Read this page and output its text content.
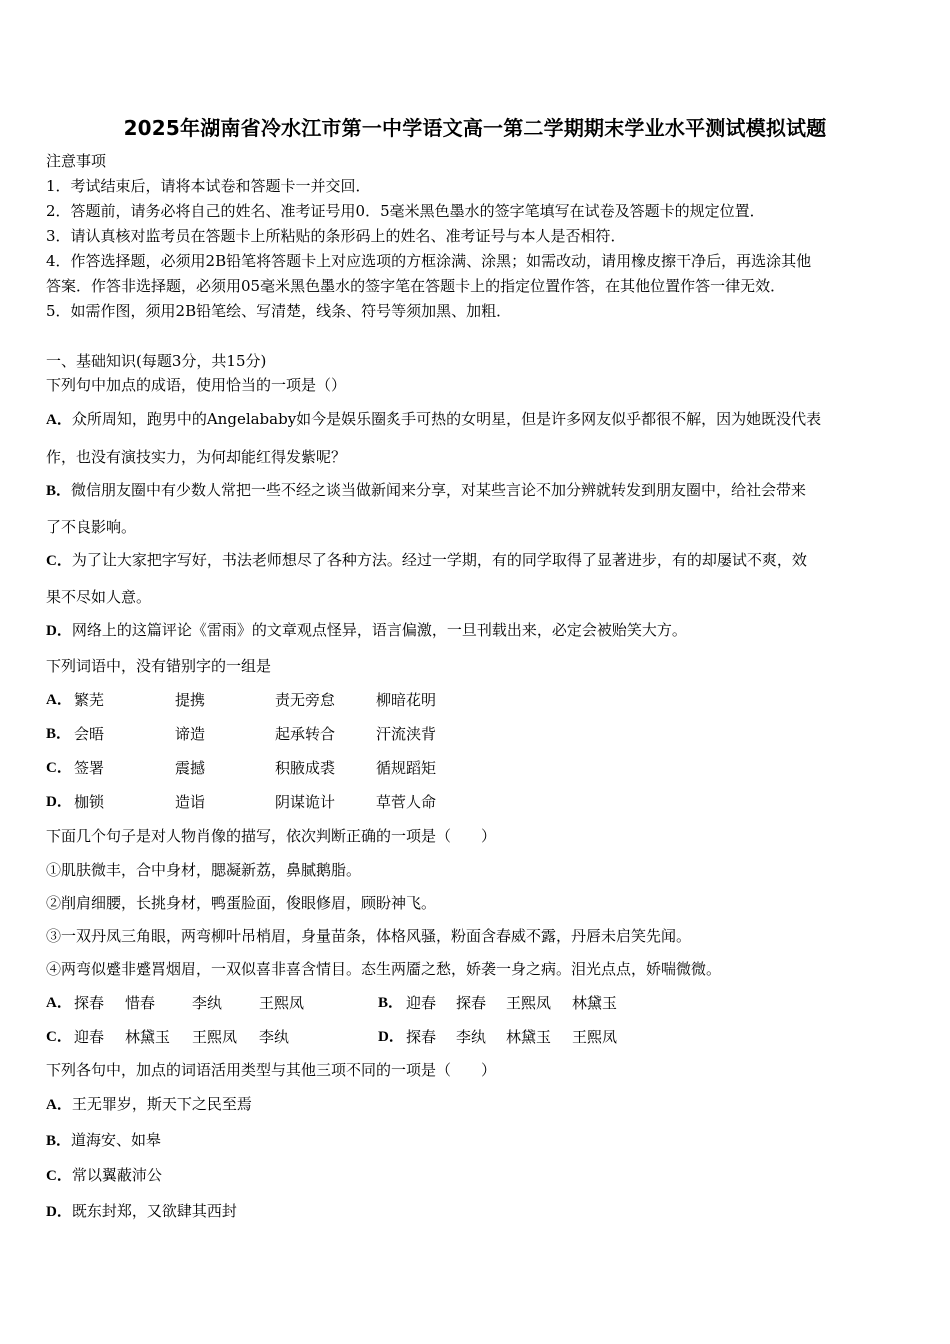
2025年湖南省冷水江市第一中学语文高一第二学期期末学业水平测试模拟试题
注意事项
1．考试结束后，请将本试卷和答题卡一并交回．
2．答题前，请务必将自己的姓名、准考证号用0．5毫米黑色墨水的签字笔填写在试卷及答题卡的规定位置．
3．请认真核对监考员在答题卡上所粘贴的条形码上的姓名、准考证号与本人是否相符．
4．作答选择题，必须用2B铅笔将答题卡上对应选项的方框涂满、涂黑；如需改动，请用橡皮擦干净后，再选涂其他
答案．作答非选择题，必须用05毫米黑色墨水的签字笔在答题卡上的指定位置作答，在其他位置作答一律无效．
5．如需作图，须用2B铅笔绘、写清楚，线条、符号等须加黑、加粗．
一、基础知识(每题3分，共15分)
下列句中加点的成语，使用恰当的一项是（）
A．众所周知，跑男中的Angelababy如今是娱乐圈炙手可热的女明星，但是许多网友似乎都很不解，因为她既没代表
作，也没有演技实力，为何却能红得发紫呢？
B．微信朋友圈中有少数人常把一些不经之谈当做新闻来分享，对某些言论不加分辨就转发到朋友圈中，给社会带来
了不良影响。
C．为了让大家把字写好，书法老师想尽了各种方法。经过一学期，有的同学取得了显著进步，有的却屡试不爽，效
果不尽如人意。
D．网络上的这篇评论《雷雨》的文章观点怪异，语言偏激，一旦刊载出来，必定会被贻笑大方。
下列词语中，没有错别字的一组是
A． 繁芜	提携	责无旁怠	柳暗花明
B． 会晤	谛造	起承转合	汗流浃背
C． 签署	震撼	积腋成裘	循规蹈矩
D． 枷锁	造诣	阴谋诡计	草菅人命
下面几个句子是对人物肖像的描写，依次判断正确的一项是（　　）
①肌肤微丰，合中身材，腮凝新荔，鼻腻鹅脂。
②削肩细腰，长挑身材，鸭蛋脸面，俊眼修眉，顾盼神飞。
③一双丹凤三角眼，两弯柳叶吊梢眉，身量苗条，体格风骚，粉面含春威不露，丹唇未启笑先闻。
④两弯似蹙非蹙罥烟眉，一双似喜非喜含情目。态生两靥之愁，娇袭一身之病。泪光点点，娇喘微微。
A． 探春 惜春 李纨 王熙凤	B． 迎春 探春 王熙凤 林黛玉
C． 迎春 林黛玉 王熙凤 李纨	D． 探春 李纨 林黛玉 王熙凤
下列各句中，加点的词语活用类型与其他三项不同的一项是（　　）
A．王无罪岁，斯天下之民至焉
B．道海安、如皋
C．常以翼蔽沛公
D．既东封郑，又欲肆其西封
